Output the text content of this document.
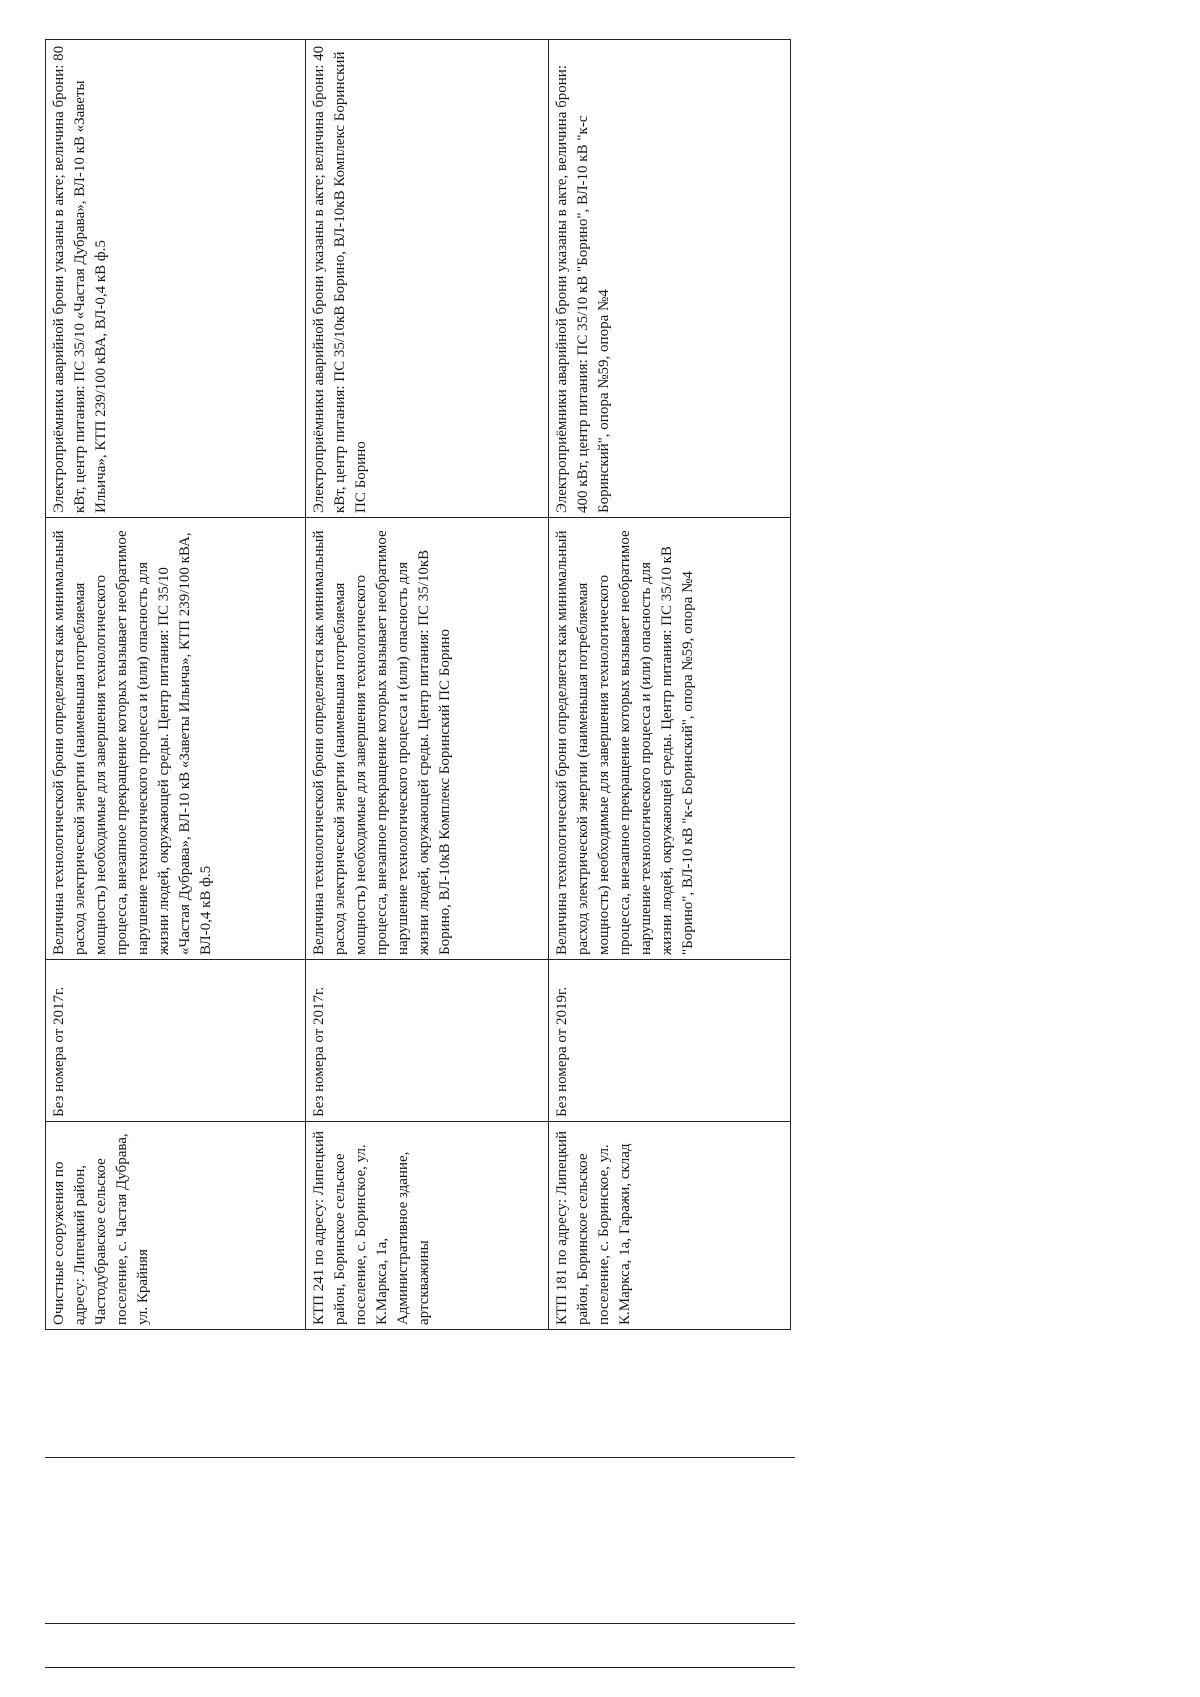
Очистные сооружения по адресу: Липецкий район, Частодубравское сельское поселение, с. Частая Дубрава, ул. Крайняя	Без номера от 2017г.	Величина технологической брони определяется как минимальный расход электрической энергии (наименьшая потребляемая мощность) необходимые для завершения технологического процесса, внезапное прекращение которых вызывает необратимое нарушение технологического процесса и (или) опасность для жизни людей, окружающей среды. Центр питания: ПС 35/10 «Частая Дубрава», ВЛ-10 кВ «Заветы Ильича», КТП 239/100 кВА, ВЛ-0,4 кВ ф.5	Электроприёмники аварийной брони указаны в акте; величина брони: 80 кВт, центр питания: ПС 35/10 «Частая Дубрава», ВЛ-10 кВ «Заветы Ильича», КТП 239/100 кВА, ВЛ-0,4 кВ ф.5

КТП 241 по адресу: Липецкий район, Боринское сельское поселение, с. Боринское, ул. К.Маркса, 1а, Административное здание, артскважины	Без номера от 2017г.	Величина технологической брони определяется как минимальный расход электрической энергии (наименьшая потребляемая мощность) необходимые для завершения технологического процесса, внезапное прекращение которых вызывает необратимое нарушение технологического процесса и (или) опасность для жизни людей, окружающей среды. Центр питания: ПС 35/10кВ Борино, ВЛ-10кВ Комплекс Боринский ПС Борино	Электроприёмники аварийной брони указаны в акте; величина брони: 40 кВт, центр питания: ПС 35/10кВ Борино, ВЛ-10кВ Комплекс Боринский ПС Борино

КТП 181 по адресу: Липецкий район, Боринское сельское поселение, с. Боринское, ул. К.Маркса, 1а, Гаражи, склад	Без номера от 2019г.	Величина технологической брони определяется как минимальный расход электрической энергии (наименьшая потребляемая мощность) необходимые для завершения технологического процесса, внезапное прекращение которых вызывает необратимое нарушение технологического процесса и (или) опасность для жизни людей, окружающей среды. Центр питания: ПС 35/10 кВ "Борино", ВЛ-10 кВ "к-с Боринский", опора №59, опора №4	Электроприёмники аварийной брони указаны в акте, величина брони: 400 кВт, центр питания: ПС 35/10 кВ "Борино", ВЛ-10 кВ "к-с Боринский", опора №59, опора №4
